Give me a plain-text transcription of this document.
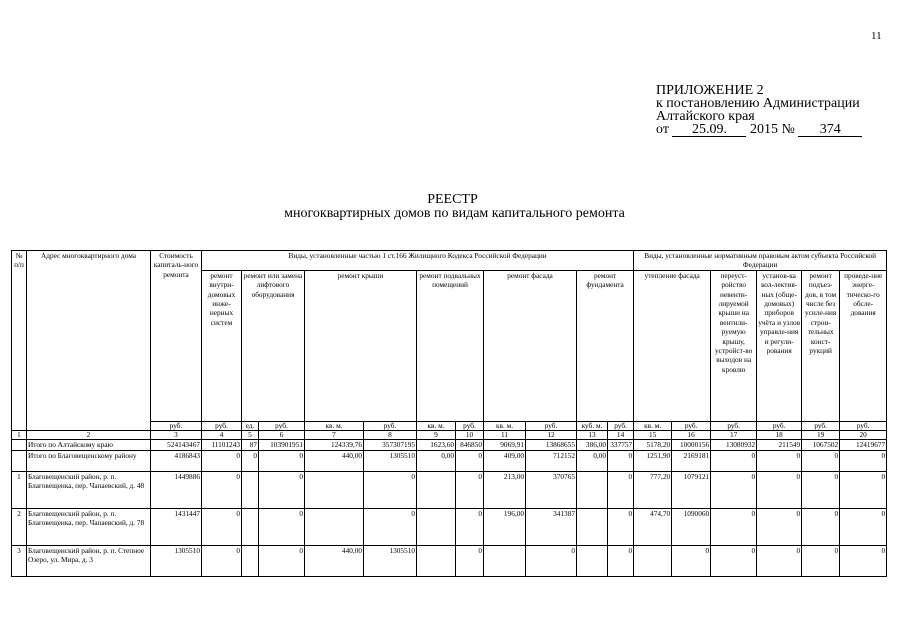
11
ПРИЛОЖЕНИЕ 2
к постановлению Администрации
Алтайского края
от 25.09. 2015 № 374
РЕЕСТР
многоквартирных домов по видам капитального ремонта
№ п/п	Адрес многоквартирного дома	Стоимость капиталь-ного ремонта	Виды, установленные частью 1 ст.166 Жилищного Кодекса Российской Федерации											Виды, установленные нормативным правовым актом субъекта Российской Федерации					
			ремонт внутри-домовых инже-нерных систем	ремонт или замена лифтового оборудования		ремонт крыши		ремонт подвальных помещений		ремонт фасада		ремонт фундамента		утепление фасада		переуст-ройство невенти-лируемой крыши на вентили-руемую крышу, устройст-во выходов на кровлю	установ-ка кол-лектив-ных (обще-домовых) приборов учёта и узлов управле-ния и регули-рования	ремонт подъез-дов, в том числе без усиле-ния строи-тельных конст-рукций	проведе-ние энерге-тическо-го обсле-дования
		руб.	руб.	ед.	руб.	кв. м.	руб.	кв. м.	руб.	кв. м.	руб.	куб. м.	руб.	кв. м.	руб.	руб.	руб.	руб.	руб.
1	2	3	4	5	6	7	8	9	10	11	12	13	14	15	16	17	18	19	20
	Итого по Алтайскому краю	524143467	11101243	87	103901951	124339,76	357307195	1623,60	846850	9069,91	13868655	386,00	337757	5178,20	10000156	13080932	211549	1067502	12419677
	Итого по Благовещенскому району	4186843	0	0	0	440,00	1305510	0,00	0	409,00	712152	0,00	0	1251,90	2169181	0	0	0	0
1	Благовещенский район, р. п. Благовещенка, пер. Чапаевский, д. 48	1449886	0		0		0		0	213,00	370765		0	777,20	1079121	0	0	0	0
2	Благовещенский район, р. п. Благовещенка, пер. Чапаевский, д. 78	1431447	0		0		0		0	196,00	341387		0	474,70	1090060	0	0	0	0
3	Благовещенский район, р. п. Степное Озеро, ул. Мира, д. 3	1305510	0		0	440,00	1305510		0		0		0		0	0	0	0	0
